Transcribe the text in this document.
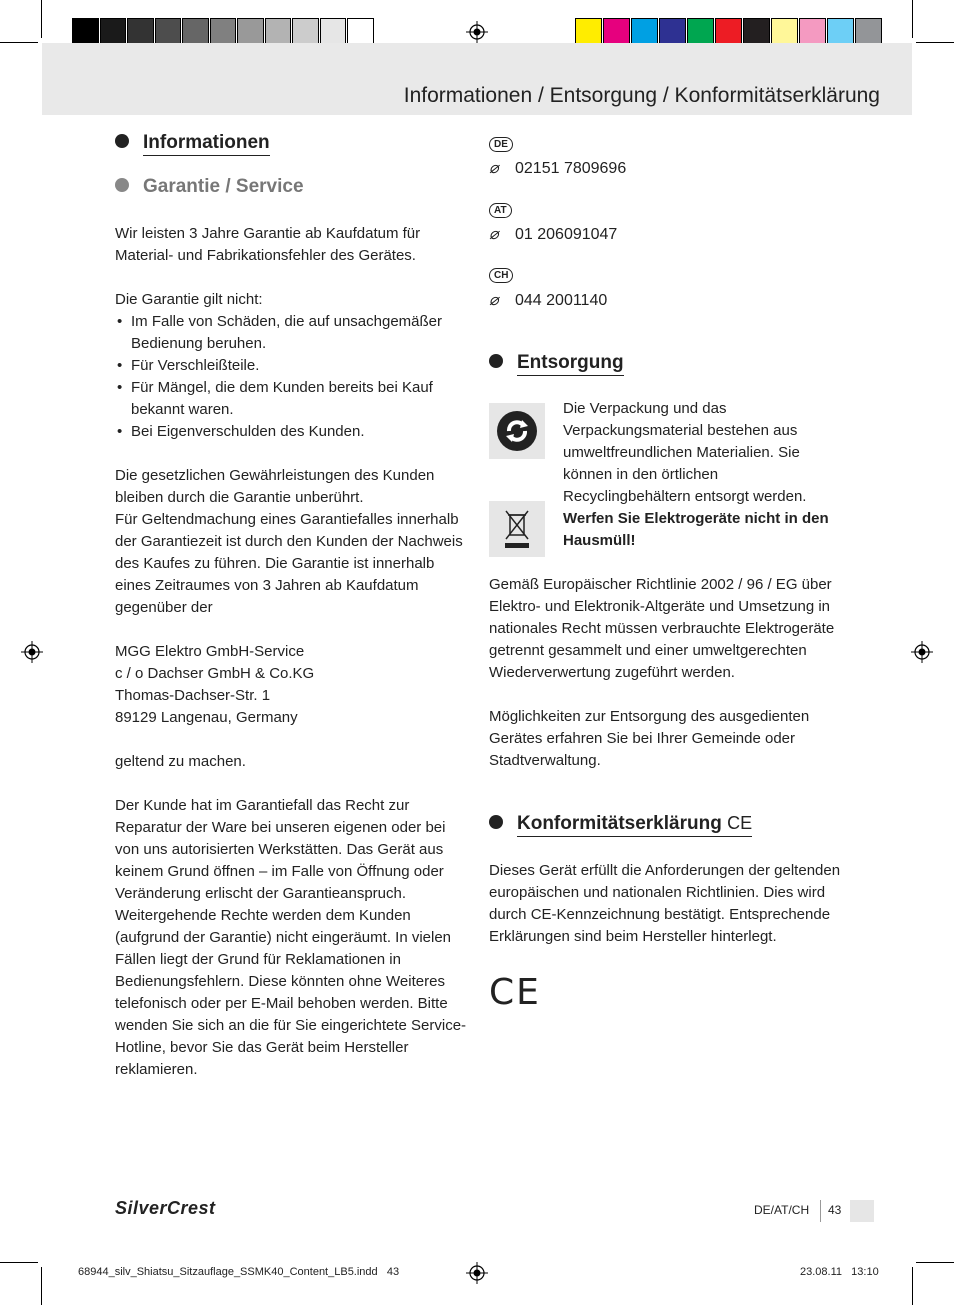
Informationen / Entsorgung / Konformitätserklärung
Informationen
Garantie / Service

Wir leisten 3 Jahre Garantie ab Kaufdatum für Material- und Fabrikationsfehler des Gerätes.

Die Garantie gilt nicht:

• Im Falle von Schäden, die auf unsachgemäßer Bedienung beruhen.
• Für Verschleißteile.
• Für Mängel, die dem Kunden bereits bei Kauf bekannt waren.
• Bei Eigenverschulden des Kunden.

Die gesetzlichen Gewährleistungen des Kunden bleiben durch die Garantie unberührt.

Für Geltendmachung eines Garantiefalles innerhalb der Garantiezeit ist durch den Kunden der Nachweis des Kaufes zu führen. Die Garantie ist innerhalb eines Zeitraumes von 3 Jahren ab Kaufdatum gegenüber der

MGG Elektro GmbH-Service

c / o Dachser GmbH & Co.KG

Thomas-Dachser-Str. 1

89129 Langenau, Germany

geltend zu machen.

Der Kunde hat im Garantiefall das Recht zur Reparatur der Ware bei unseren eigenen oder bei von uns autorisierten Werkstätten. Das Gerät aus keinem Grund öffnen – im Falle von Öffnung oder Veränderung erlischt der Garantieanspruch. Weitergehende Rechte werden dem Kunden (aufgrund der Garantie) nicht eingeräumt. In vielen Fällen liegt der Grund für Reklamationen in Bedienungsfehlern. Diese könnten ohne Weiteres telefonisch oder per E-Mail behoben werden. Bitte wenden Sie sich an die für Sie eingerichtete Service-Hotline, bevor Sie das Gerät beim Hersteller reklamieren.

DE
⌀ 02151 7809696
AT
⌀ 01 206091047
CH
⌀ 044 2001140
Entsorgung
Die Verpackung und das Verpackungsmaterial bestehen aus umweltfreundlichen Materialien. Sie können in den örtlichen Recyclingbehältern entsorgt werden.
Werfen Sie Elektrogeräte nicht in den Hausmüll!

Gemäß Europäischer Richtlinie 2002 / 96 / EG über Elektro- und Elektronik-Altgeräte und Umsetzung in nationales Recht müssen verbrauchte Elektrogeräte getrennt gesammelt und einer umweltgerechten Wiederverwertung zugeführt werden.

Möglichkeiten zur Entsorgung des ausgedienten Gerätes erfahren Sie bei Ihrer Gemeinde oder Stadtverwaltung.

Konformitätserklärung CE
Dieses Gerät erfüllt die Anforderungen der geltenden europäischen und nationalen Richtlinien. Dies wird durch CE-Kennzeichnung bestätigt. Entsprechende Erklärungen sind beim Hersteller hinterlegt.
CE
SilverCrest	DE/AT/CH 43
68944_silv_Shiatsu_Sitzauflage_SSMK40_Content_LB5.indd   43	23.08.11   13:10
